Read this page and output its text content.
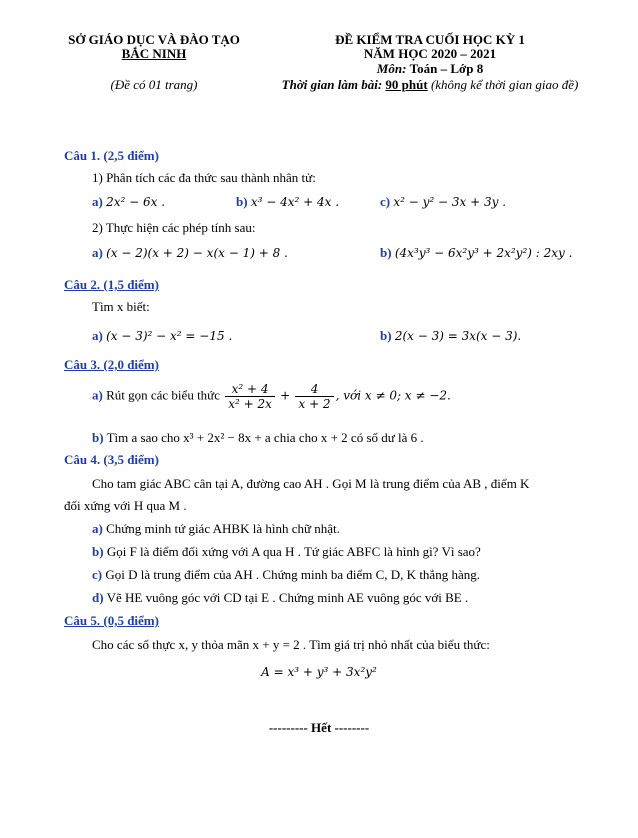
SỞ GIÁO DỤC VÀ ĐÀO TẠO
BẮC NINH
(Đề có 01 trang)
ĐỀ KIỂM TRA CUỐI HỌC KỲ 1
NĂM HỌC 2020 – 2021
Môn: Toán – Lớp 8
Thời gian làm bài: 90 phút (không kể thời gian giao đề)
Câu 1. (2,5 điểm)
1) Phân tích các đa thức sau thành nhân tử:
a) 2x² − 6x .	b) x³ − 4x² + 4x .	c) x² − y² − 3x + 3y .
2) Thực hiện các phép tính sau:
a) (x − 2)(x + 2) − x(x − 1) + 8 .	b) (4x³y³ − 6x²y³ + 2x²y²) : 2xy .
Câu 2. (1,5 điểm)
Tìm x biết:
a) (x − 3)² − x² = −15 .	b) 2(x − 3) = 3x(x − 3).
Câu 3. (2,0 điểm)
a) Rút gọn các biểu thức $\frac{\text{x² + 4}}{\text{x² + 2x}} + \frac{4}{x + 2}$ , với x ≠ 0; x ≠ −2.
b) Tìm a sao cho x³ + 2x² − 8x + a chia cho x + 2 có số dư là 6 .
Câu 4. (3,5 điểm)
Cho tam giác ABC cân tại A, đường cao AH . Gọi M là trung điểm của AB , điểm K
đối xứng với H qua M .
a) Chứng minh tứ giác AHBK là hình chữ nhật.
b) Gọi F là điểm đối xứng với A qua H . Tứ giác ABFC là hình gì? Vì sao?
c) Gọi D là trung điểm của AH . Chứng minh ba điểm C, D, K thẳng hàng.
d) Vẽ HE vuông góc với CD tại E . Chứng minh AE vuông góc với BE .
Câu 5. (0,5 điểm)
Cho các số thực x, y thỏa mãn x + y = 2 . Tìm giá trị nhỏ nhất của biểu thức:
A = x³ + y³ + 3x²y²
--------- Hết --------
